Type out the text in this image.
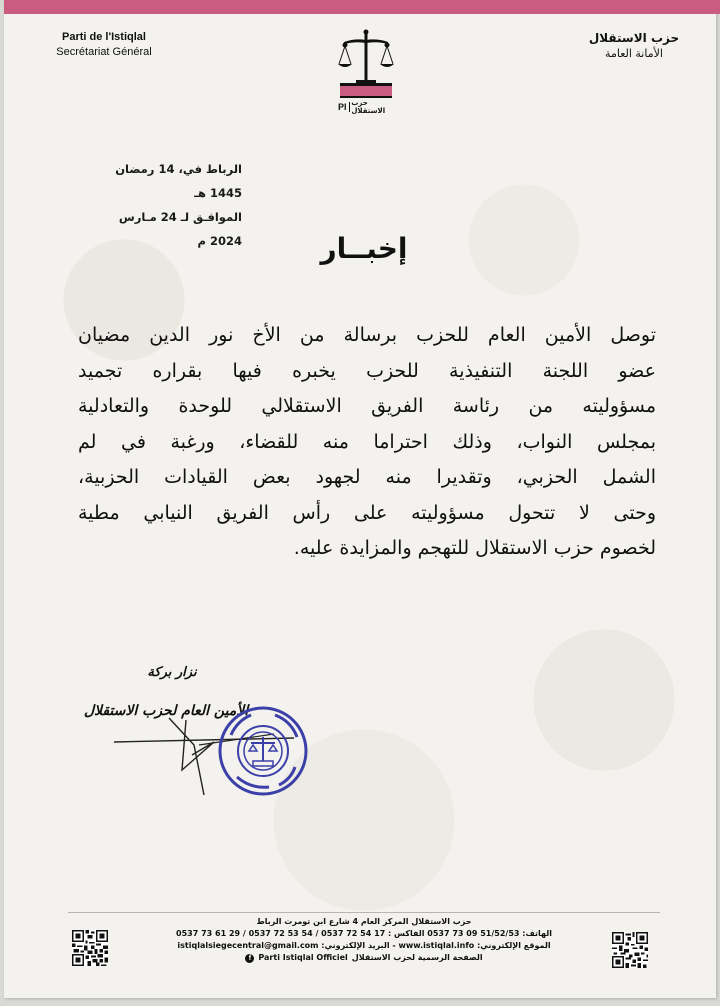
Parti de l'Istiqlal
Secrétariat Général
حزب الاستقلال
الأمانة العامة
PI حزب الاستقلال
الرباط في، 14 رمضان 1445 هـ
الموافـق لـ 24 مـارس 2024 م	إخبــار
توصل الأمين العام للحزب برسالة من الأخ نور الدين مضيان
عضو اللجنة التنفيذية للحزب يخبره فيها بقراره تجميد
مسؤوليته من رئاسة الفريق الاستقلالي للوحدة والتعادلية
بمجلس النواب، وذلك احتراما منه للقضاء، ورغبة في لم
الشمل الحزبي، وتقديرا منه لجهود بعض القيادات الحزبية،
وحتى لا تتحول مسؤوليته على رأس الفريق النيابي مطية
لخصوم حزب الاستقلال للتهجم والمزايدة عليه.
نزار بركة
الأمين العام لحزب الاستقلال
حزب الاستقلال المركز العام 4 شارع ابن تومرت الرباط
الهاتف: 51/52/53 09 73 0537 الفاكس : 17 54 72 0537 / 54 53 72 0537 / 29 61 73 0537
الموقع الإلكتروني: www.istiqlal.info - البريد الإلكتروني: istiqlalsiegecentral@gmail.com
الصفحة الرسمية لحزب الاستقلال
Parti Istiqlal Officiel
f
